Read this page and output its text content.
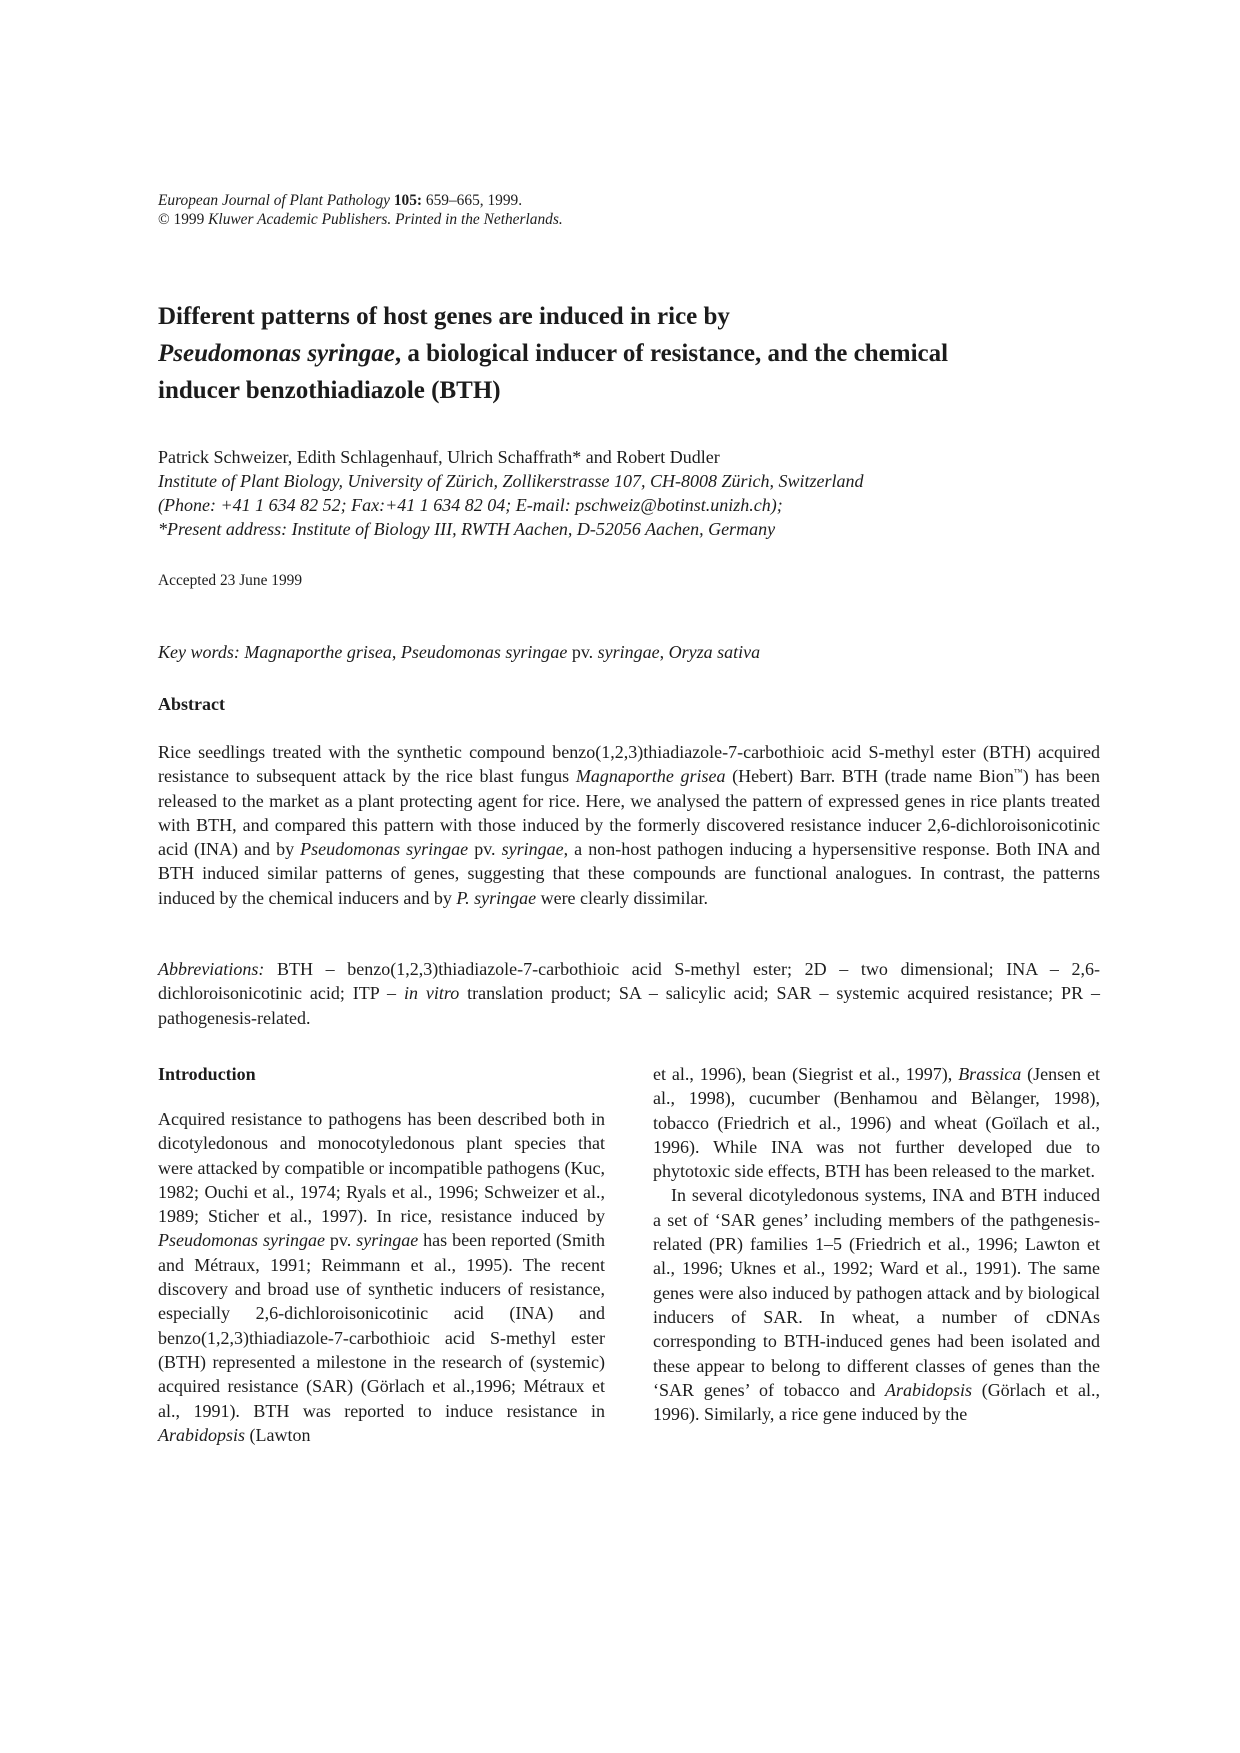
European Journal of Plant Pathology 105: 659–665, 1999.
© 1999 Kluwer Academic Publishers. Printed in the Netherlands.
Different patterns of host genes are induced in rice by
Pseudomonas syringae, a biological inducer of resistance, and the chemical
inducer benzothiadiazole (BTH)
Patrick Schweizer, Edith Schlagenhauf, Ulrich Schaffrath* and Robert Dudler
Institute of Plant Biology, University of Zürich, Zollikerstrasse 107, CH-8008 Zürich, Switzerland
(Phone: +41 1 634 82 52; Fax:+41 1 634 82 04; E-mail: pschweiz@botinst.unizh.ch);
*Present address: Institute of Biology III, RWTH Aachen, D-52056 Aachen, Germany
Accepted 23 June 1999
Key words: Magnaporthe grisea, Pseudomonas syringae pv. syringae, Oryza sativa
Abstract
Rice seedlings treated with the synthetic compound benzo(1,2,3)thiadiazole-7-carbothioic acid S-methyl ester (BTH) acquired resistance to subsequent attack by the rice blast fungus Magnaporthe grisea (Hebert) Barr. BTH (trade name Bion™) has been released to the market as a plant protecting agent for rice. Here, we analysed the pattern of expressed genes in rice plants treated with BTH, and compared this pattern with those induced by the formerly discovered resistance inducer 2,6-dichloroisonicotinic acid (INA) and by Pseudomonas syringae pv. syringae, a non-host pathogen inducing a hypersensitive response. Both INA and BTH induced similar patterns of genes, suggesting that these compounds are functional analogues. In contrast, the patterns induced by the chemical inducers and by P. syringae were clearly dissimilar.
Abbreviations: BTH – benzo(1,2,3)thiadiazole-7-carbothioic acid S-methyl ester; 2D – two dimensional; INA – 2,6-dichloroisonicotinic acid; ITP – in vitro translation product; SA – salicylic acid; SAR – systemic acquired resistance; PR – pathogenesis-related.
Introduction

Acquired resistance to pathogens has been described both in dicotyledonous and monocotyledonous plant species that were attacked by compatible or incompatible pathogens (Kuc, 1982; Ouchi et al., 1974; Ryals et al., 1996; Schweizer et al., 1989; Sticher et al., 1997). In rice, resistance induced by Pseudomonas syringae pv. syringae has been reported (Smith and Métraux, 1991; Reimmann et al., 1995). The recent discovery and broad use of synthetic inducers of resistance, especially 2,6-dichloroisonicotinic acid (INA) and benzo(1,2,3)thiadiazole-7-carbothioic acid S-methyl ester (BTH) represented a milestone in the research of (systemic) acquired resistance (SAR) (Görlach et al.,1996; Métraux et al., 1991). BTH was reported to induce resistance in Arabidopsis (Lawton

et al., 1996), bean (Siegrist et al., 1997), Brassica (Jensen et al., 1998), cucumber (Benhamou and Bèlanger, 1998), tobacco (Friedrich et al., 1996) and wheat (Goïlach et al., 1996). While INA was not further developed due to phytotoxic side effects, BTH has been released to the market.

In several dicotyledonous systems, INA and BTH induced a set of ‘SAR genes’ including members of the pathgenesis-related (PR) families 1–5 (Friedrich et al., 1996; Lawton et al., 1996; Uknes et al., 1992; Ward et al., 1991). The same genes were also induced by pathogen attack and by biological inducers of SAR. In wheat, a number of cDNAs corresponding to BTH-induced genes had been isolated and these appear to belong to different classes of genes than the ‘SAR genes’ of tobacco and Arabidopsis (Görlach et al., 1996). Similarly, a rice gene induced by the
